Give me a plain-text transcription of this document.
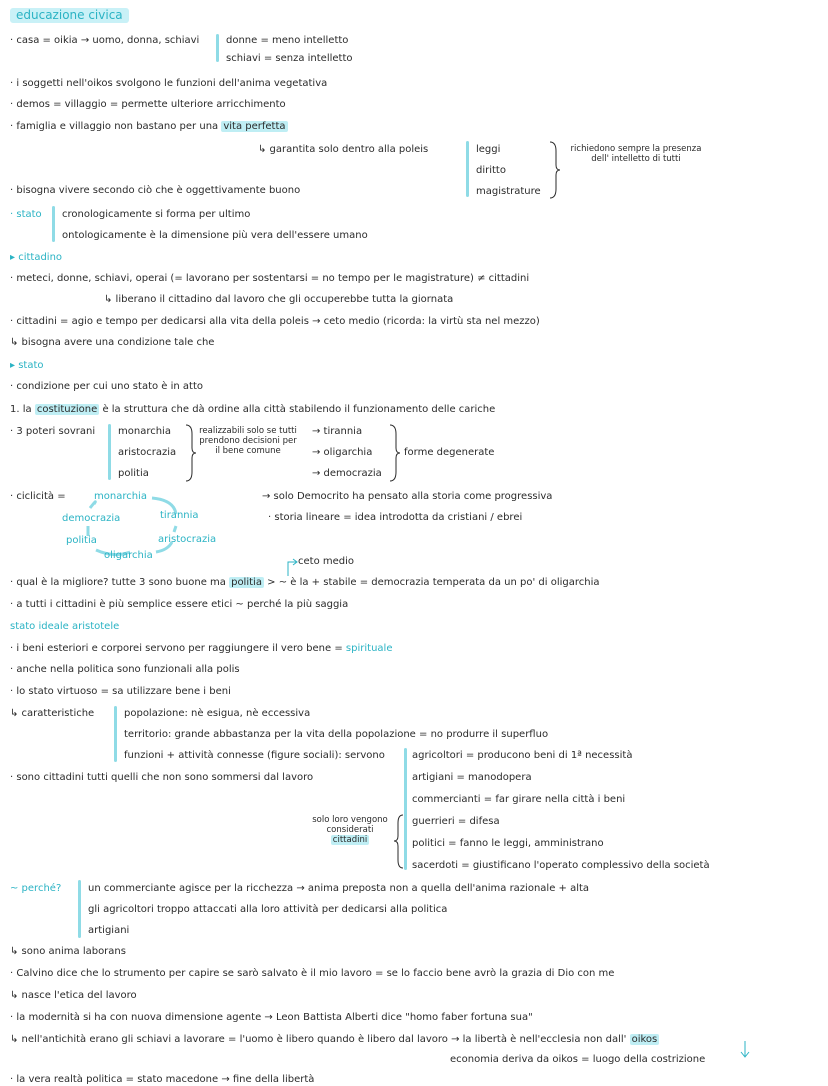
educazione civica
· casa = oikia → uomo, donna, schiavi	donne = meno intelletto
schiavi = senza intelletto
· i soggetti nell'oikos svolgono le funzioni dell'anima vegetativa
· demos = villaggio = permette ulteriore arricchimento
· famiglia e villaggio non bastano per una vita perfetta
↳ garantita solo dentro alla poleis	leggi
diritto
magistrature
richiedono sempre la presenza dell' intelletto di tutti
· bisogna vivere secondo ciò che è oggettivamente buono
· stato cronologicamente si forma per ultimo
ontologicamente è la dimensione più vera dell'essere umano
▸ cittadino
· meteci, donne, schiavi, operai (= lavorano per sostentarsi = no tempo per le magistrature) ≠ cittadini
↳ liberano il cittadino dal lavoro che gli occuperebbe tutta la giornata
· cittadini = agio e tempo per dedicarsi alla vita della poleis → ceto medio (ricorda: la virtù sta nel mezzo)
↳ bisogna avere una condizione tale che
▸ stato
· condizione per cui uno stato è in atto
1. la costituzione è la struttura che dà ordine alla città stabilendo il funzionamento delle cariche
· 3 poteri sovrani monarchia
aristocrazia
politia
realizzabili solo se tutti prendono decisioni per il bene comune
→ tirannia
→ oligarchia
→ democrazia
forme degenerate
· ciclicità =	monarchia
tirannia
democrazia
politia	aristocrazia
oligarchia
→ solo Democrito ha pensato alla storia come progressiva
· storia lineare = idea introdotta da cristiani / ebrei
ceto medio
· qual è la migliore? tutte 3 sono buone ma politia > ~ è la + stabile = democrazia temperata da un po' di oligarchia
· a tutti i cittadini è più semplice essere etici ~ perché la più saggia
stato ideale aristotele
· i beni esteriori e corporei servono per raggiungere il vero bene = spirituale
· anche nella politica sono funzionali alla polis
· lo stato virtuoso = sa utilizzare bene i beni
↳ caratteristiche	popolazione: nè esigua, nè eccessiva
territorio: grande abbastanza per la vita della popolazione = no produrre il superfluo
funzioni + attività connesse (figure sociali): servono	agricoltori = producono beni di 1ª necessità
artigiani = manodopera
commercianti = far girare nella città i beni
guerrieri = difesa
politici = fanno le leggi, amministrano
sacerdoti = giustificano l'operato complessivo della società
· sono cittadini tutti quelli che non sono sommersi dal lavoro
solo loro vengono considerati cittadini
~ perché?	un commerciante agisce per la ricchezza → anima preposta non a quella dell'anima razionale + alta
gli agricoltori troppo attaccati alla loro attività per dedicarsi alla politica
artigiani
↳ sono anima laborans
· Calvino dice che lo strumento per capire se sarò salvato è il mio lavoro = se lo faccio bene avrò la grazia di Dio con me
↳ nasce l'etica del lavoro
· la modernità si ha con nuova dimensione agente → Leon Battista Alberti dice "homo faber fortuna sua"
↳ nell'antichità erano gli schiavi a lavorare = l'uomo è libero quando è libero dal lavoro → la libertà è nell'ecclesia non dall' oikos
economia deriva da oikos = luogo della costrizione
· la vera realtà politica = stato macedone → fine della libertà
